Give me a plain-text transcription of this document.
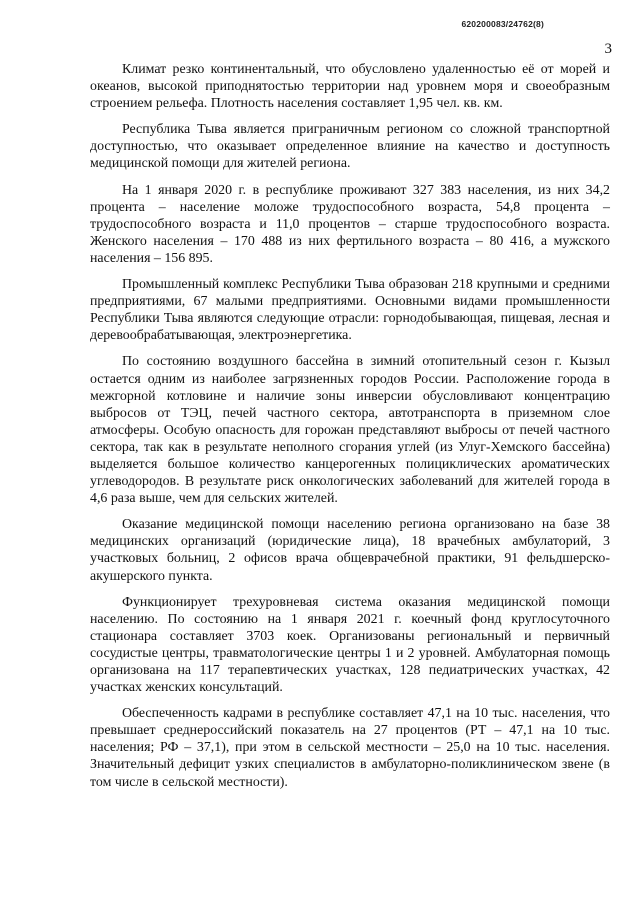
620200083/24762(8)
3

Климат резко континентальный, что обусловлено удаленностью её от морей и океанов, высокой приподнятостью территории над уровнем моря и своеобразным строением рельефа. Плотность населения составляет 1,95 чел. кв. км.

Республика Тыва является приграничным регионом со сложной транспортной доступностью, что оказывает определенное влияние на качество и доступность медицинской помощи для жителей региона.

На 1 января 2020 г. в республике проживают 327 383 населения, из них 34,2 процента – население моложе трудоспособного возраста, 54,8 процента – трудоспособного возраста и 11,0 процентов – старше трудоспособного возраста. Женского населения – 170 488 из них фертильного возраста – 80 416, а мужского населения – 156 895.

Промышленный комплекс Республики Тыва образован 218 крупными и средними предприятиями, 67 малыми предприятиями. Основными видами промышленности Республики Тыва являются следующие отрасли: горнодобывающая, пищевая, лесная и деревообрабатывающая, электроэнергетика.

По состоянию воздушного бассейна в зимний отопительный сезон г. Кызыл остается одним из наиболее загрязненных городов России. Расположение города в межгорной котловине и наличие зоны инверсии обусловливают концентрацию выбросов от ТЭЦ, печей частного сектора, автотранспорта в приземном слое атмосферы. Особую опасность для горожан представляют выбросы от печей частного сектора, так как в результате неполного сгорания углей (из Улуг-Хемского бассейна) выделяется большое количество канцерогенных полициклических ароматических углеводородов. В результате риск онкологических заболеваний для жителей города в 4,6 раза выше, чем для сельских жителей.

Оказание медицинской помощи населению региона организовано на базе 38 медицинских организаций (юридические лица), 18 врачебных амбулаторий, 3 участковых больниц, 2 офисов врача общеврачебной практики, 91 фельдшерско-акушерского пункта.

Функционирует трехуровневая система оказания медицинской помощи населению. По состоянию на 1 января 2021 г. коечный фонд круглосуточного стационара составляет 3703 коек. Организованы региональный и первичный сосудистые центры, травматологические центры 1 и 2 уровней. Амбулаторная помощь организована на 117 терапевтических участках, 128 педиатрических участках, 42 участках женских консультаций.

Обеспеченность кадрами в республике составляет 47,1 на 10 тыс. населения, что превышает среднероссийский показатель на 27 процентов (РТ – 47,1 на 10 тыс. населения; РФ – 37,1), при этом в сельской местности – 25,0 на 10 тыс. населения. Значительный дефицит узких специалистов в амбулаторно-поликлиническом звене (в том числе в сельской местности).
